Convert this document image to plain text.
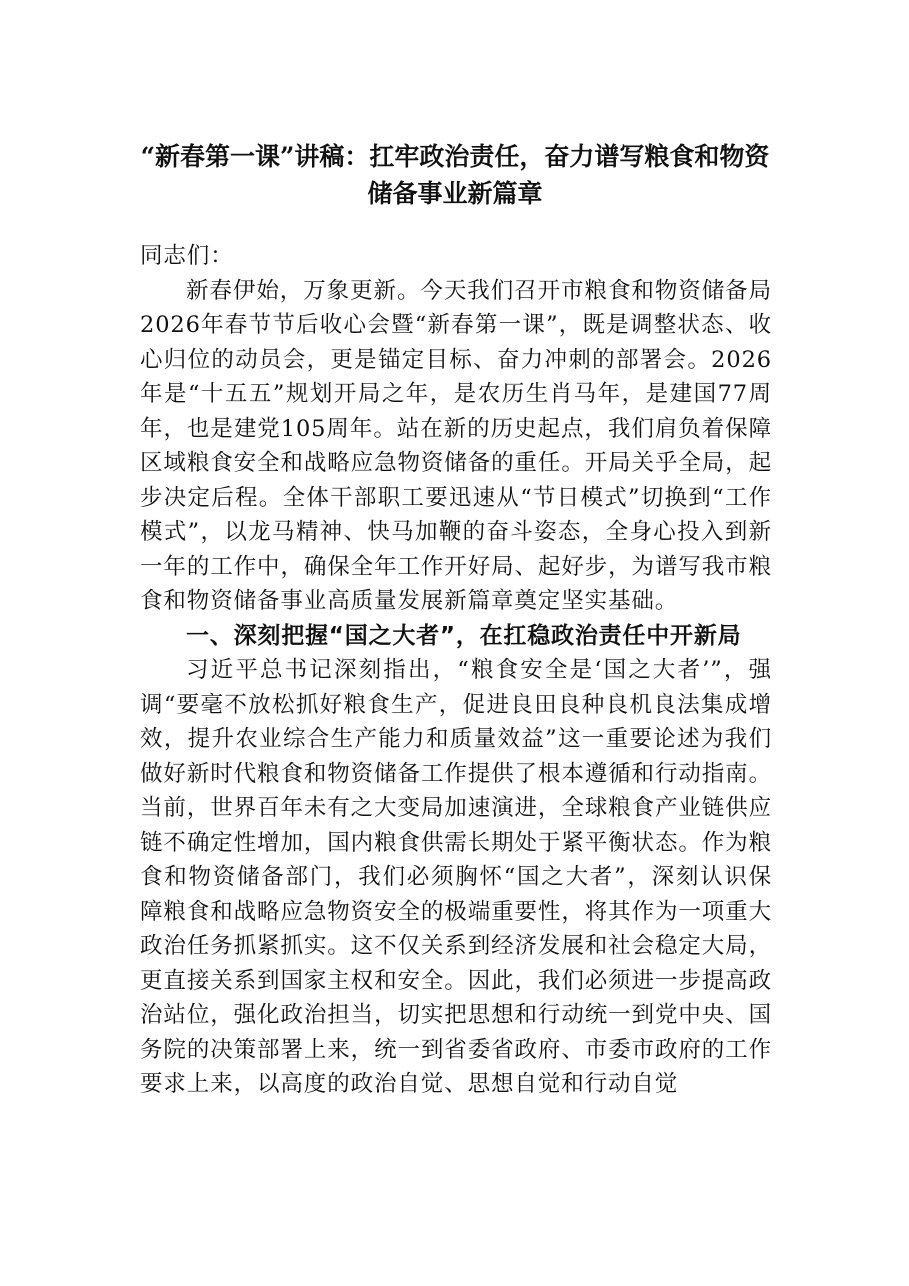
“新春第一课”讲稿：扛牢政治责任，奋力谱写粮食和物资储备事业新篇章

同志们：

新春伊始，万象更新。今天我们召开市粮食和物资储备局2026年春节节后收心会暨“新春第一课”，既是调整状态、收心归位的动员会，更是锚定目标、奋力冲刺的部署会。2026年是“十五五”规划开局之年，是农历生肖马年，是建国77周年，也是建党105周年。站在新的历史起点，我们肩负着保障区域粮食安全和战略应急物资储备的重任。开局关乎全局，起步决定后程。全体干部职工要迅速从“节日模式”切换到“工作模式”，以龙马精神、快马加鞭的奋斗姿态，全身心投入到新一年的工作中，确保全年工作开好局、起好步，为谱写我市粮食和物资储备事业高质量发展新篇章奠定坚实基础。

一、深刻把握“国之大者”，在扛稳政治责任中开新局

习近平总书记深刻指出，“粮食安全是‘国之大者’”，强调“要毫不放松抓好粮食生产，促进良田良种良机良法集成增效，提升农业综合生产能力和质量效益”这一重要论述为我们做好新时代粮食和物资储备工作提供了根本遵循和行动指南。当前，世界百年未有之大变局加速演进，全球粮食产业链供应链不确定性增加，国内粮食供需长期处于紧平衡状态。作为粮食和物资储备部门，我们必须胸怀“国之大者”，深刻认识保障粮食和战略应急物资安全的极端重要性，将其作为一项重大政治任务抓紧抓实。这不仅关系到经济发展和社会稳定大局，更直接关系到国家主权和安全。因此，我们必须进一步提高政治站位，强化政治担当，切实把思想和行动统一到党中央、国务院的决策部署上来，统一到省委省政府、市委市政府的工作要求上来，以高度的政治自觉、思想自觉和行动自觉
